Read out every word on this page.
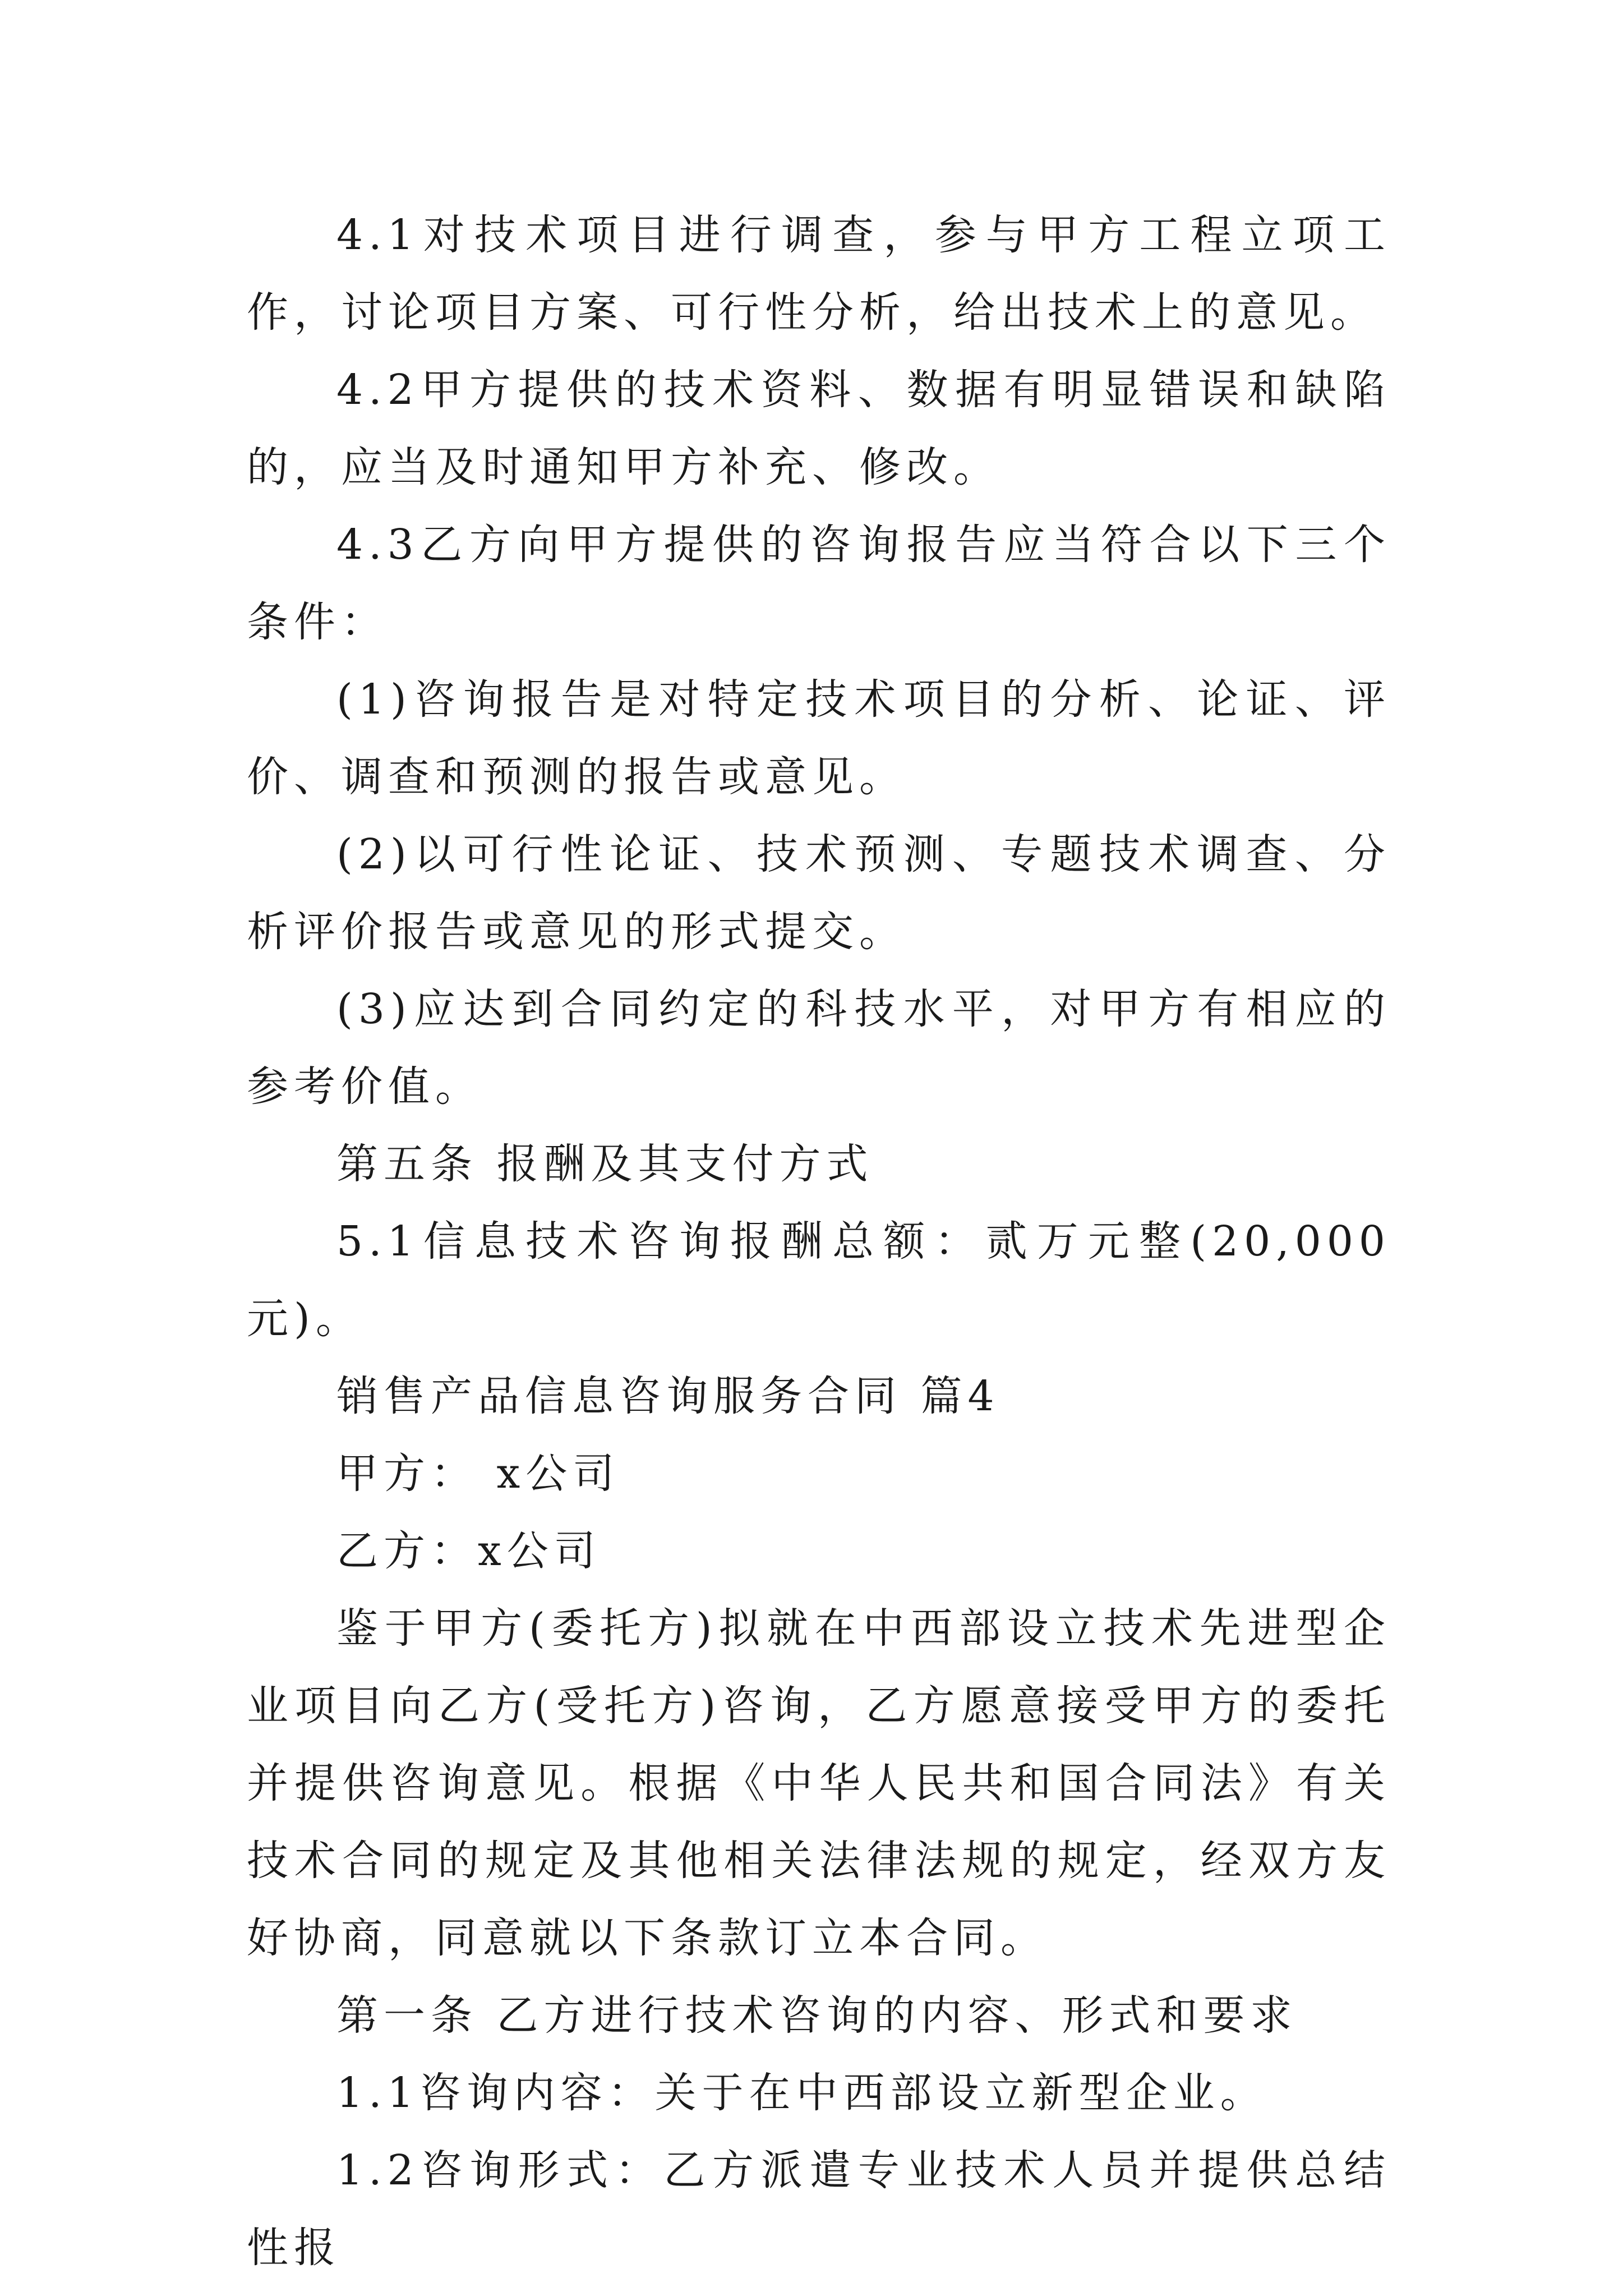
4.1对技术项目进行调查，参与甲方工程立项工作，讨论项目方案、可行性分析，给出技术上的意见。

4.2甲方提供的技术资料、数据有明显错误和缺陷的，应当及时通知甲方补充、修改。

4.3乙方向甲方提供的咨询报告应当符合以下三个条件：

(1)咨询报告是对特定技术项目的分析、论证、评价、调查和预测的报告或意见。

(2)以可行性论证、技术预测、专题技术调查、分析评价报告或意见的形式提交。

(3)应达到合同约定的科技水平，对甲方有相应的参考价值。

第五条 报酬及其支付方式

5.1信息技术咨询报酬总额：贰万元整(20,000元)。

销售产品信息咨询服务合同 篇4

甲方： x公司

乙方：x公司

鉴于甲方(委托方)拟就在中西部设立技术先进型企业项目向乙方(受托方)咨询，乙方愿意接受甲方的委托并提供咨询意见。根据《中华人民共和国合同法》有关技术合同的规定及其他相关法律法规的规定，经双方友好协商，同意就以下条款订立本合同。

第一条 乙方进行技术咨询的内容、形式和要求

1.1咨询内容：关于在中西部设立新型企业。

1.2咨询形式：乙方派遣专业技术人员并提供总结性报
